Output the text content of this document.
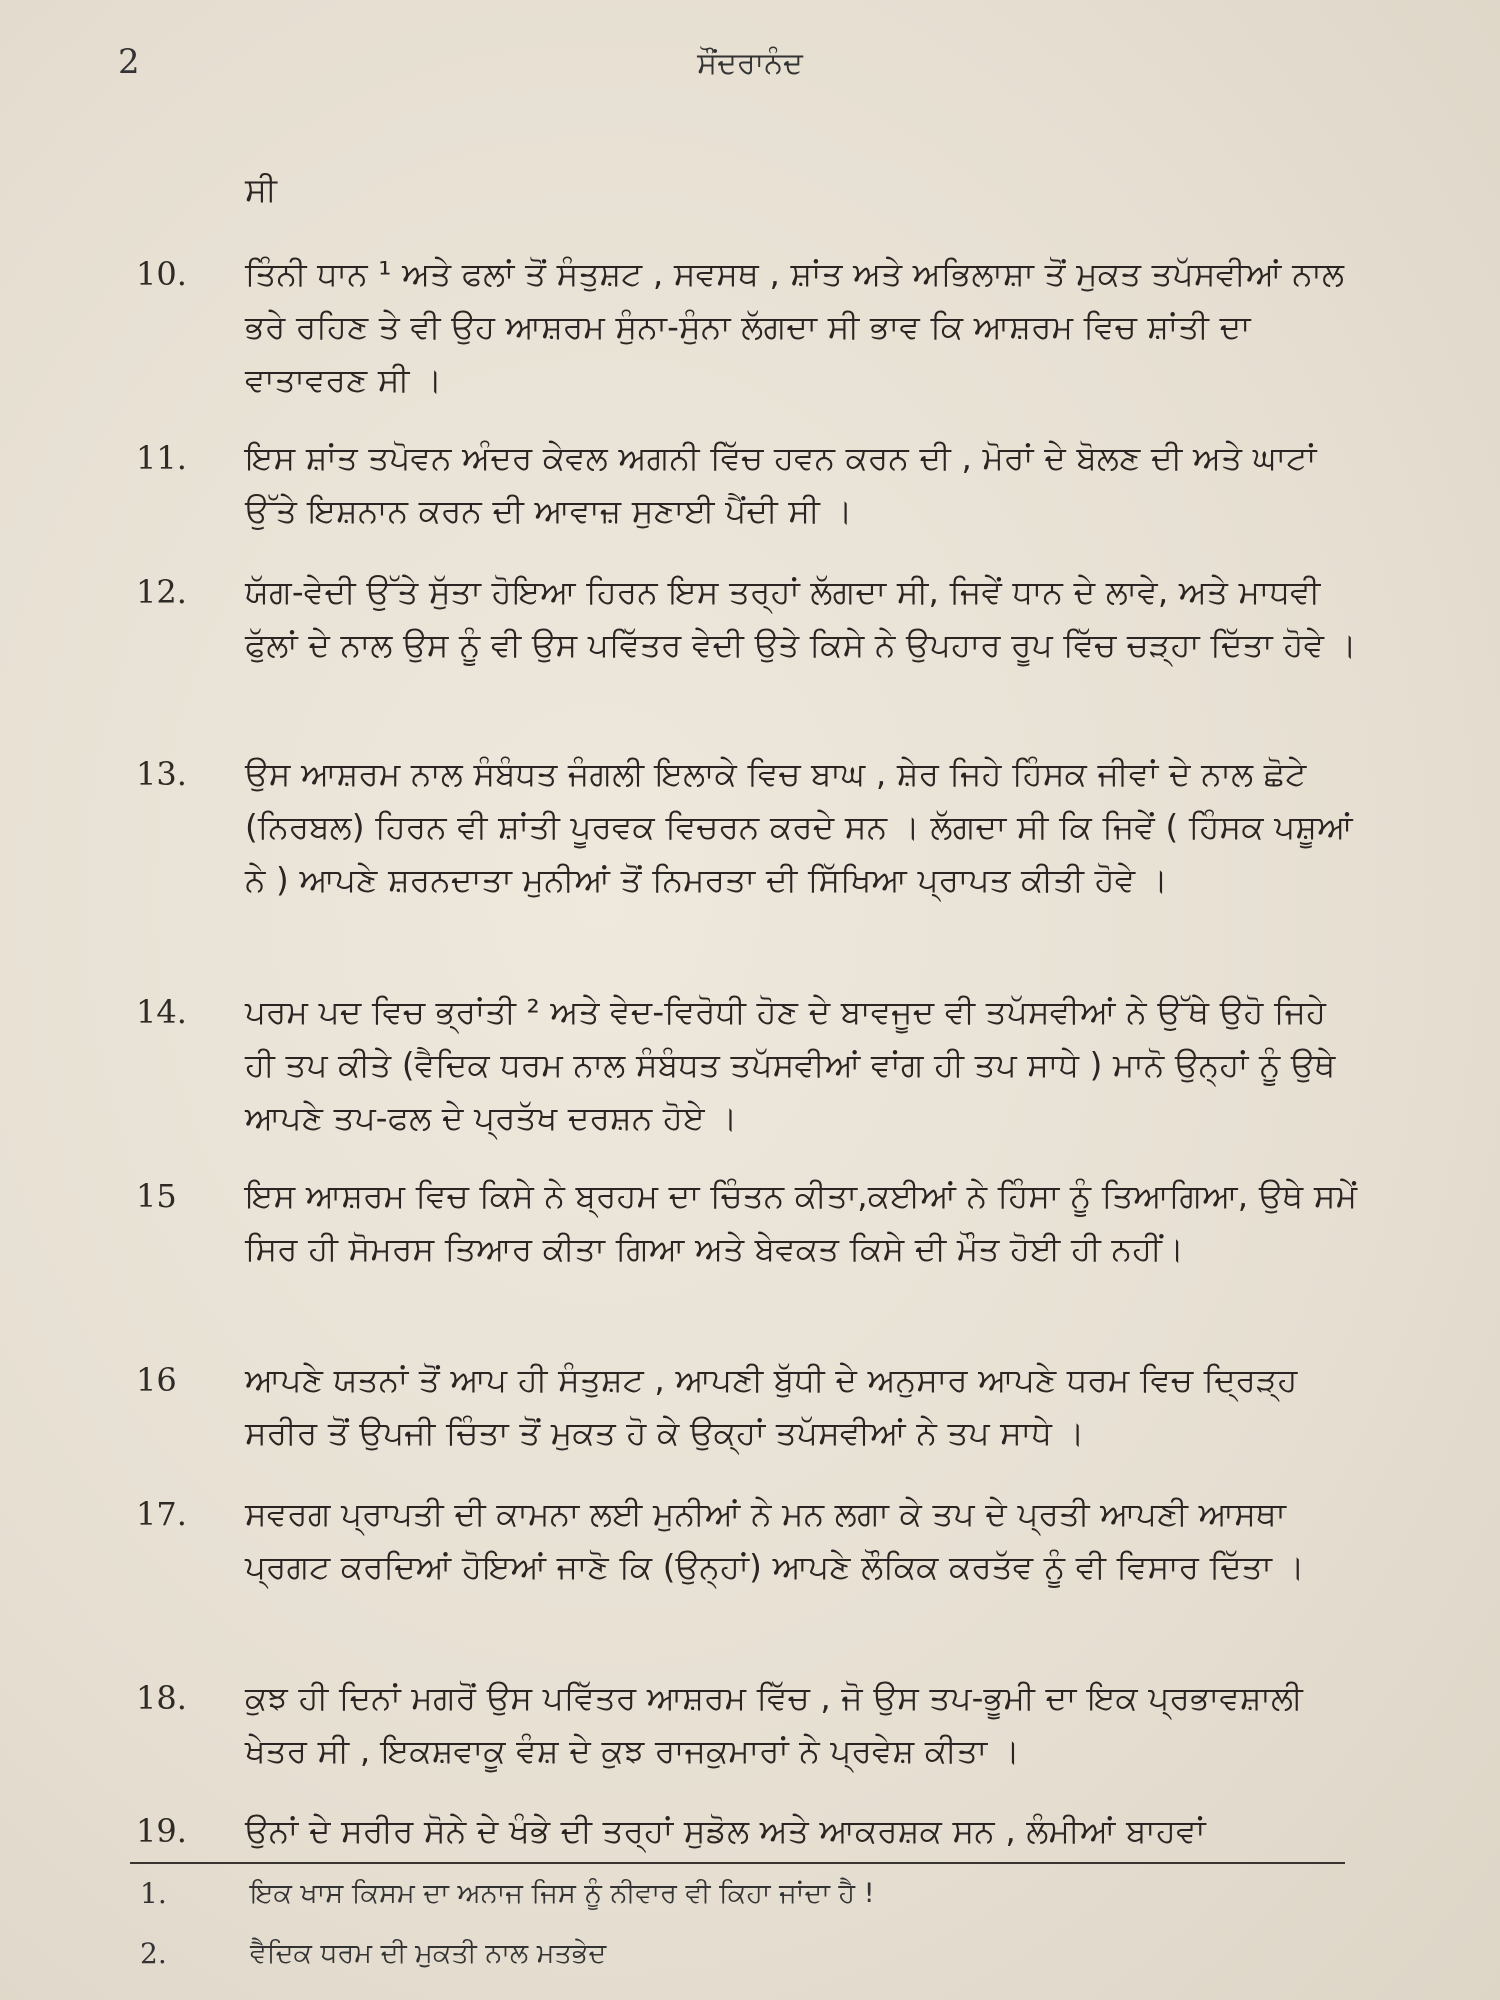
2	ਸੌਂਦਰਾਨੰਦ
ਸੀ
10. ਤਿੰਨੀ ਧਾਨ ¹ ਅਤੇ ਫਲਾਂ ਤੋਂ ਸੰਤੁਸ਼ਟ , ਸਵਸਥ , ਸ਼ਾਂਤ ਅਤੇ ਅਭਿਲਾਸ਼ਾ ਤੋਂ ਮੁਕਤ ਤਪੱਸਵੀਆਂ ਨਾਲ ਭਰੇ ਰਹਿਣ ਤੇ ਵੀ ਉਹ ਆਸ਼ਰਮ ਸੁੰਨਾ-ਸੁੰਨਾ ਲੱਗਦਾ ਸੀ ਭਾਵ ਕਿ ਆਸ਼ਰਮ ਵਿਚ ਸ਼ਾਂਤੀ ਦਾ ਵਾਤਾਵਰਣ ਸੀ ।
11. ਇਸ ਸ਼ਾਂਤ ਤਪੋਵਨ ਅੰਦਰ ਕੇਵਲ ਅਗਨੀ ਵਿੱਚ ਹਵਨ ਕਰਨ ਦੀ , ਮੋਰਾਂ ਦੇ ਬੋਲਣ ਦੀ ਅਤੇ ਘਾਟਾਂ ਉੱਤੇ ਇਸ਼ਨਾਨ ਕਰਨ ਦੀ ਆਵਾਜ਼ ਸੁਣਾਈ ਪੈਂਦੀ ਸੀ ।
12. ਯੱਗ-ਵੇਦੀ ਉੱਤੇ ਸੁੱਤਾ ਹੋਇਆ ਹਿਰਨ ਇਸ ਤਰ੍ਹਾਂ ਲੱਗਦਾ ਸੀ, ਜਿਵੇਂ ਧਾਨ ਦੇ ਲਾਵੇ, ਅਤੇ ਮਾਧਵੀ ਫੁੱਲਾਂ ਦੇ ਨਾਲ ਉਸ ਨੂੰ ਵੀ ਉਸ ਪਵਿੱਤਰ ਵੇਦੀ ਉਤੇ ਕਿਸੇ ਨੇ ਉਪਹਾਰ ਰੂਪ ਵਿੱਚ ਚੜ੍ਹਾ ਦਿੱਤਾ ਹੋਵੇ ।
13. ਉਸ ਆਸ਼ਰਮ ਨਾਲ ਸੰਬੰਧਤ ਜੰਗਲੀ ਇਲਾਕੇ ਵਿਚ ਬਾਘ , ਸ਼ੇਰ ਜਿਹੇ ਹਿੰਸਕ ਜੀਵਾਂ ਦੇ ਨਾਲ ਛੋਟੇ (ਨਿਰਬਲ) ਹਿਰਨ ਵੀ ਸ਼ਾਂਤੀ ਪੂਰਵਕ ਵਿਚਰਨ ਕਰਦੇ ਸਨ । ਲੱਗਦਾ ਸੀ ਕਿ ਜਿਵੇਂ ( ਹਿੰਸਕ ਪਸ਼ੂਆਂ ਨੇ ) ਆਪਣੇ ਸ਼ਰਨਦਾਤਾ ਮੁਨੀਆਂ ਤੋਂ ਨਿਮਰਤਾ ਦੀ ਸਿੱਖਿਆ ਪ੍ਰਾਪਤ ਕੀਤੀ ਹੋਵੇ ।
14. ਪਰਮ ਪਦ ਵਿਚ ਭ੍ਰਾਂਤੀ ² ਅਤੇ ਵੇਦ-ਵਿਰੋਧੀ ਹੋਣ ਦੇ ਬਾਵਜੂਦ ਵੀ ਤਪੱਸਵੀਆਂ ਨੇ ਉੱਥੇ ਉਹੋ ਜਿਹੇ ਹੀ ਤਪ ਕੀਤੇ (ਵੈਦਿਕ ਧਰਮ ਨਾਲ ਸੰਬੰਧਤ ਤਪੱਸਵੀਆਂ ਵਾਂਗ ਹੀ ਤਪ ਸਾਧੇ ) ਮਾਨੋ ਉਨ੍ਹਾਂ ਨੂੰ ਉਥੇ ਆਪਣੇ ਤਪ-ਫਲ ਦੇ ਪ੍ਰਤੱਖ ਦਰਸ਼ਨ ਹੋਏ ।
15 ਇਸ ਆਸ਼ਰਮ ਵਿਚ ਕਿਸੇ ਨੇ ਬ੍ਰਹਮ ਦਾ ਚਿੰਤਨ ਕੀਤਾ,ਕਈਆਂ ਨੇ ਹਿੰਸਾ ਨੂੰ ਤਿਆਗਿਆ, ਉਥੇ ਸਮੇਂ ਸਿਰ ਹੀ ਸੋਮਰਸ ਤਿਆਰ ਕੀਤਾ ਗਿਆ ਅਤੇ ਬੇਵਕਤ ਕਿਸੇ ਦੀ ਮੌਤ ਹੋਈ ਹੀ ਨਹੀਂ।
16 ਆਪਣੇ ਯਤਨਾਂ ਤੋਂ ਆਪ ਹੀ ਸੰਤੁਸ਼ਟ , ਆਪਣੀ ਬੁੱਧੀ ਦੇ ਅਨੁਸਾਰ ਆਪਣੇ ਧਰਮ ਵਿਚ ਦ੍ਰਿੜ੍ਹ ਸਰੀਰ ਤੋਂ ਉਪਜੀ ਚਿੰਤਾ ਤੋਂ ਮੁਕਤ ਹੋ ਕੇ ਉਕ੍ਹਾਂ ਤਪੱਸਵੀਆਂ ਨੇ ਤਪ ਸਾਧੇ ।
17. ਸਵਰਗ ਪ੍ਰਾਪਤੀ ਦੀ ਕਾਮਨਾ ਲਈ ਮੁਨੀਆਂ ਨੇ ਮਨ ਲਗਾ ਕੇ ਤਪ ਦੇ ਪ੍ਰਤੀ ਆਪਣੀ ਆਸਥਾ ਪ੍ਰਗਟ ਕਰਦਿਆਂ ਹੋਇਆਂ ਜਾਣੋ ਕਿ (ਉਨ੍ਹਾਂ) ਆਪਣੇ ਲੌਕਿਕ ਕਰਤੱਵ ਨੂੰ ਵੀ ਵਿਸਾਰ ਦਿੱਤਾ ।
18. ਕੁਝ ਹੀ ਦਿਨਾਂ ਮਗਰੋਂ ਉਸ ਪਵਿੱਤਰ ਆਸ਼ਰਮ ਵਿੱਚ , ਜੋ ਉਸ ਤਪ-ਭੂਮੀ ਦਾ ਇਕ ਪ੍ਰਭਾਵਸ਼ਾਲੀ ਖੇਤਰ ਸੀ , ਇਕਸ਼ਵਾਕੂ ਵੰਸ਼ ਦੇ ਕੁਝ ਰਾਜਕੁਮਾਰਾਂ ਨੇ ਪ੍ਰਵੇਸ਼ ਕੀਤਾ ।
19. ਉਨਾਂ ਦੇ ਸਰੀਰ ਸੋਨੇ ਦੇ ਖੰਭੇ ਦੀ ਤਰ੍ਹਾਂ ਸੁਡੋਲ ਅਤੇ ਆਕਰਸ਼ਕ ਸਨ , ਲੰਮੀਆਂ ਬਾਹਵਾਂ
1.	ਇਕ ਖਾਸ ਕਿਸਮ ਦਾ ਅਨਾਜ ਜਿਸ ਨੂੰ ਨੀਵਾਰ ਵੀ ਕਿਹਾ ਜਾਂਦਾ ਹੈ !
2.	ਵੈਦਿਕ ਧਰਮ ਦੀ ਮੁਕਤੀ ਨਾਲ ਮਤਭੇਦ
